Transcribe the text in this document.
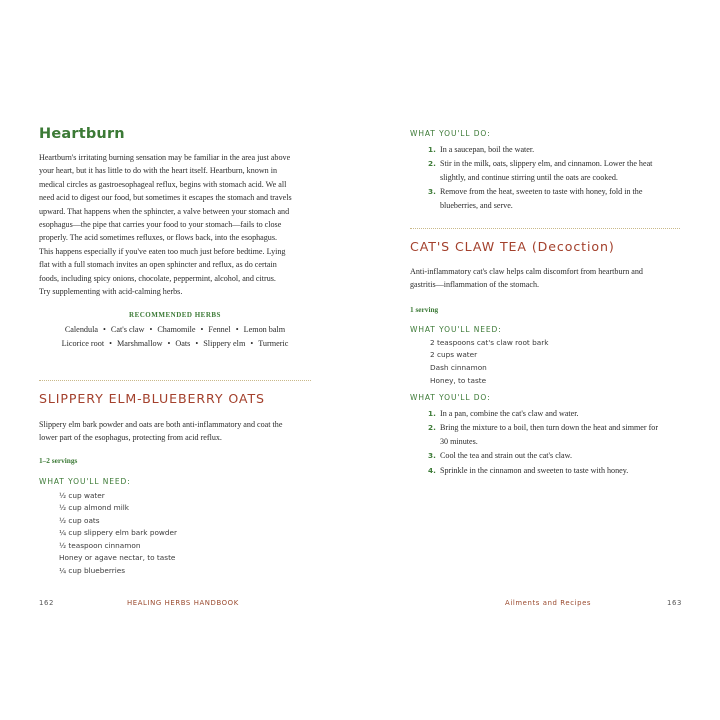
Heartburn
Heartburn's irritating burning sensation may be familiar in the area just above
your heart, but it has little to do with the heart itself. Heartburn, known in
medical circles as gastroesophageal reflux, begins with stomach acid. We all
need acid to digest our food, but sometimes it escapes the stomach and travels
upward. That happens when the sphincter, a valve between your stomach and
esophagus—the pipe that carries your food to your stomach—fails to close
properly. The acid sometimes refluxes, or flows back, into the esophagus.
This happens especially if you've eaten too much just before bedtime. Lying
flat with a full stomach invites an open sphincter and reflux, as do certain
foods, including spicy onions, chocolate, peppermint, alcohol, and citrus.
Try supplementing with acid-calming herbs.
RECOMMENDED HERBS
Calendula • Cat's claw • Chamomile • Fennel • Lemon balm
Licorice root • Marshmallow • Oats • Slippery elm • Turmeric
SLIPPERY ELM-BLUEBERRY OATS
Slippery elm bark powder and oats are both anti-inflammatory and coat the
lower part of the esophagus, protecting from acid reflux.
1–2 servings
WHAT YOU'LL NEED:
½ cup water
½ cup almond milk
½ cup oats
¼ cup slippery elm bark powder
½ teaspoon cinnamon
Honey or agave nectar, to taste
¼ cup blueberries
162	HEALING HERBS HANDBOOK
WHAT YOU'LL DO:
1. In a saucepan, boil the water.
2. Stir in the milk, oats, slippery elm, and cinnamon. Lower the heat
slightly, and continue stirring until the oats are cooked.
3. Remove from the heat, sweeten to taste with honey, fold in the
blueberries, and serve.
CAT'S CLAW TEA (Decoction)
Anti-inflammatory cat's claw helps calm discomfort from heartburn and
gastritis—inflammation of the stomach.
1 serving
WHAT YOU'LL NEED:
2 teaspoons cat's claw root bark
2 cups water
Dash cinnamon
Honey, to taste
WHAT YOU'LL DO:
1. In a pan, combine the cat's claw and water.
2. Bring the mixture to a boil, then turn down the heat and simmer for
30 minutes.
3. Cool the tea and strain out the cat's claw.
4. Sprinkle in the cinnamon and sweeten to taste with honey.
Ailments and Recipes	163
